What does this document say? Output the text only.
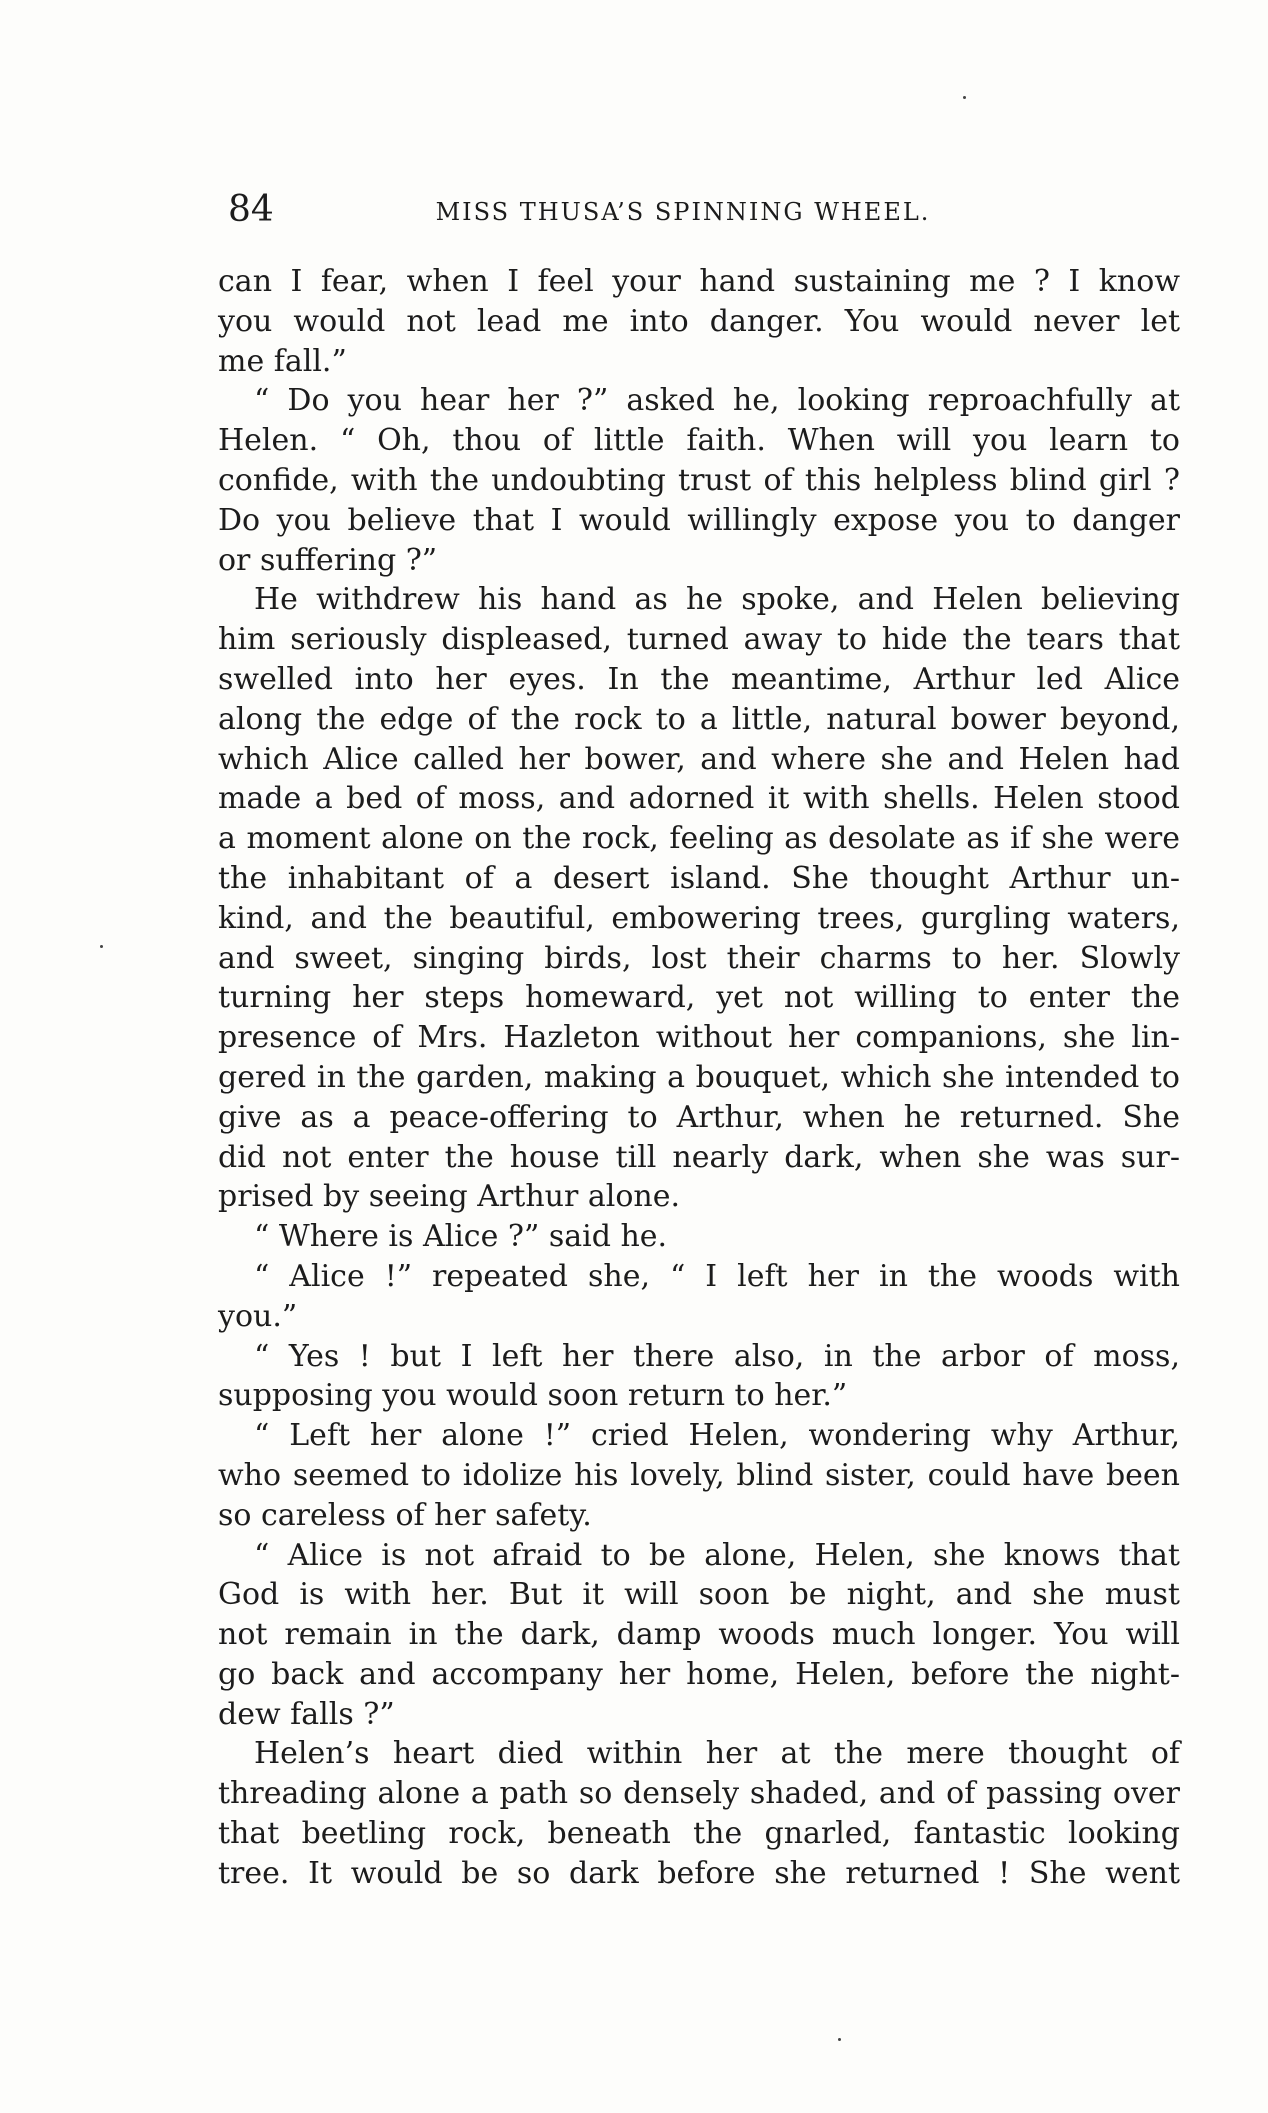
84	MISS THUSA’S SPINNING WHEEL.
can I fear, when I feel your hand sustaining me ? I know
you would not lead me into danger. You would never let
me fall.”
“ Do you hear her ?” asked he, looking reproachfully at
Helen. “ Oh, thou of little faith. When will you learn to
confide, with the undoubting trust of this helpless blind girl ?
Do you believe that I would willingly expose you to danger
or suffering ?”
He withdrew his hand as he spoke, and Helen believing
him seriously displeased, turned away to hide the tears that
swelled into her eyes. In the meantime, Arthur led Alice
along the edge of the rock to a little, natural bower beyond,
which Alice called her bower, and where she and Helen had
made a bed of moss, and adorned it with shells. Helen stood
a moment alone on the rock, feeling as desolate as if she were
the inhabitant of a desert island. She thought Arthur un-
kind, and the beautiful, embowering trees, gurgling waters,
and sweet, singing birds, lost their charms to her. Slowly
turning her steps homeward, yet not willing to enter the
presence of Mrs. Hazleton without her companions, she lin-
gered in the garden, making a bouquet, which she intended to
give as a peace-offering to Arthur, when he returned. She
did not enter the house till nearly dark, when she was sur-
prised by seeing Arthur alone.
“ Where is Alice ?” said he.
“ Alice !” repeated she, “ I left her in the woods with
you.”
“ Yes ! but I left her there also, in the arbor of moss,
supposing you would soon return to her.”
“ Left her alone !” cried Helen, wondering why Arthur,
who seemed to idolize his lovely, blind sister, could have been
so careless of her safety.
“ Alice is not afraid to be alone, Helen, she knows that
God is with her. But it will soon be night, and she must
not remain in the dark, damp woods much longer. You will
go back and accompany her home, Helen, before the night-
dew falls ?”
Helen’s heart died within her at the mere thought of
threading alone a path so densely shaded, and of passing over
that beetling rock, beneath the gnarled, fantastic looking
tree. It would be so dark before she returned ! She went
